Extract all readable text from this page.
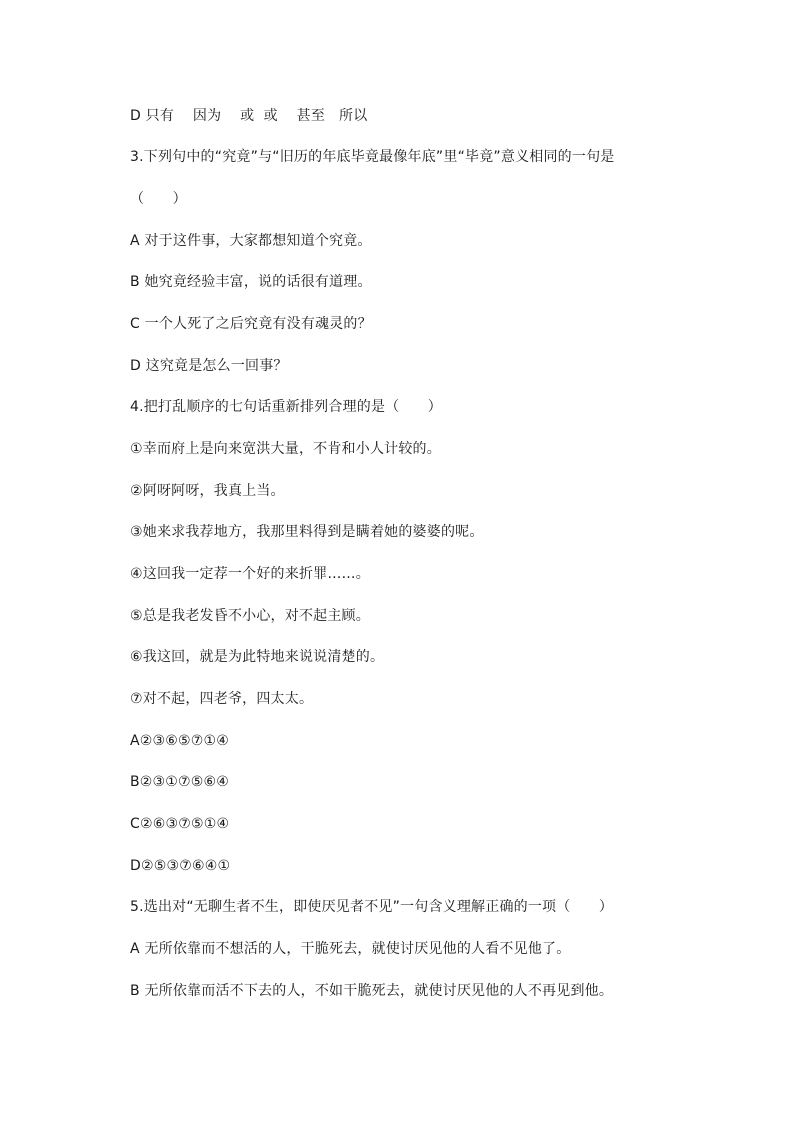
D 只有　 因为　 或  或　 甚至   所以
3.下列句中的“究竟”与“旧历的年底毕竟最像年底”里“毕竟”意义相同的一句是
（　　）
A 对于这件事，大家都想知道个究竟。
B 她究竟经验丰富，说的话很有道理。
C 一个人死了之后究竟有没有魂灵的？
D 这究竟是怎么一回事？
4.把打乱顺序的七句话重新排列合理的是（　　）
①幸而府上是向来宽洪大量，不肯和小人计较的。
②阿呀阿呀，我真上当。
③她来求我荐地方，我那里料得到是瞒着她的婆婆的呢。
④这回我一定荐一个好的来折罪……。
⑤总是我老发昏不小心，对不起主顾。
⑥我这回，就是为此特地来说说清楚的。
⑦对不起，四老爷，四太太。
A②③⑥⑤⑦①④
B②③①⑦⑤⑥④
C②⑥③⑦⑤①④
D②⑤③⑦⑥④①
5.选出对“无聊生者不生，即使厌见者不见”一句含义理解正确的一项（　　）
A 无所依靠而不想活的人，干脆死去，就使讨厌见他的人看不见他了。
B 无所依靠而活不下去的人，不如干脆死去，就使讨厌见他的人不再见到他。
